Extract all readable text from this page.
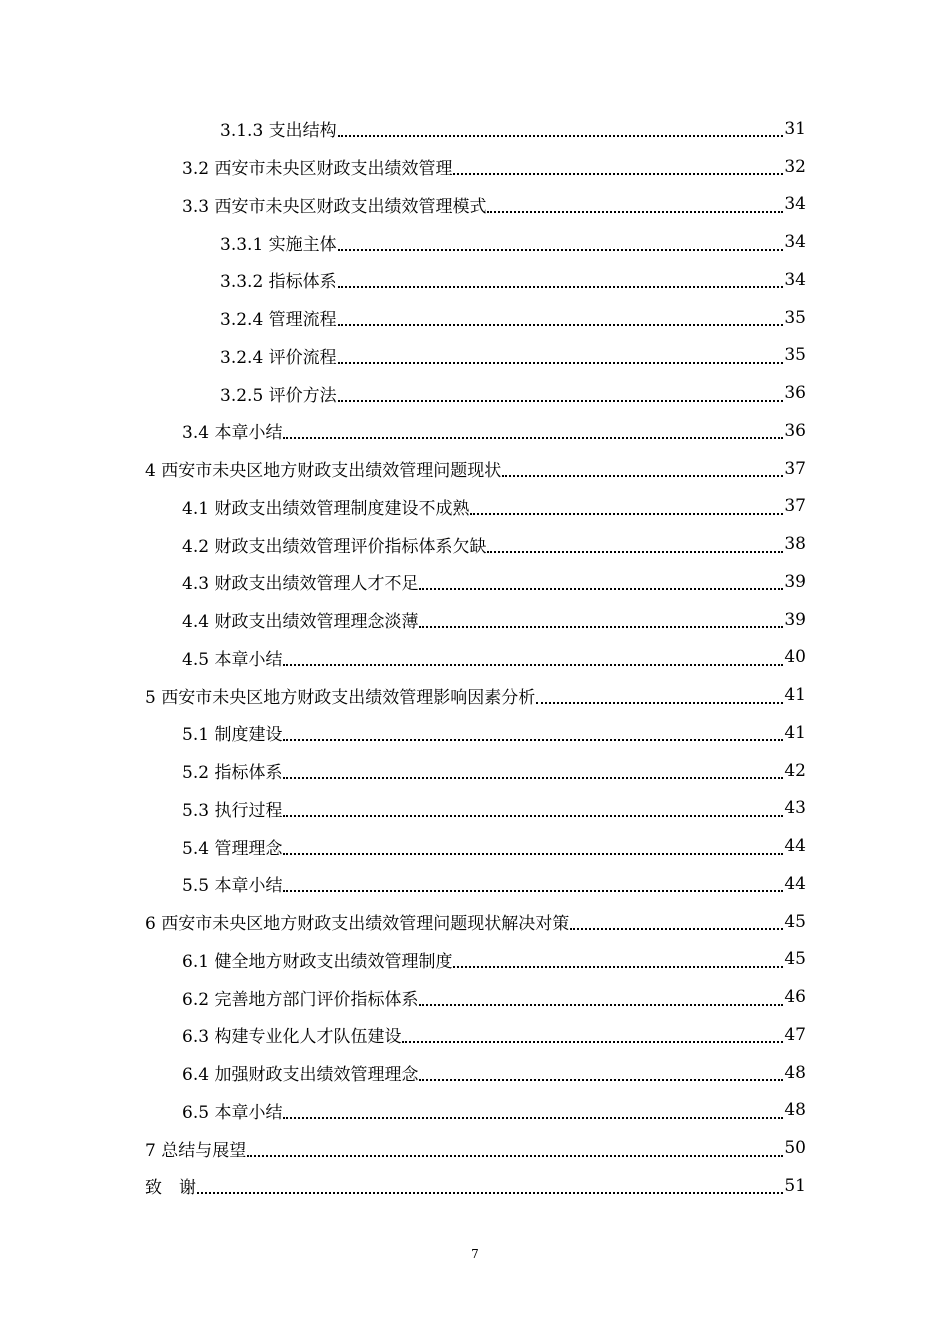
3.1.3 支出结构	31
3.2 西安市未央区财政支出绩效管理	32
3.3 西安市未央区财政支出绩效管理模式	34
3.3.1 实施主体	34
3.3.2 指标体系	34
3.2.4 管理流程	35
3.2.4 评价流程	35
3.2.5 评价方法	36
3.4 本章小结	36
4 西安市未央区地方财政支出绩效管理问题现状	37
4.1 财政支出绩效管理制度建设不成熟	37
4.2 财政支出绩效管理评价指标体系欠缺	38
4.3 财政支出绩效管理人才不足	39
4.4 财政支出绩效管理理念淡薄	39
4.5 本章小结	40
5 西安市未央区地方财政支出绩效管理影响因素分析	41
5.1 制度建设	41
5.2 指标体系	42
5.3 执行过程	43
5.4 管理理念	44
5.5 本章小结	44
6 西安市未央区地方财政支出绩效管理问题现状解决对策	45
6.1 健全地方财政支出绩效管理制度	45
6.2 完善地方部门评价指标体系	46
6.3 构建专业化人才队伍建设	47
6.4 加强财政支出绩效管理理念	48
6.5 本章小结	48
7 总结与展望	50
致　谢	51
7
